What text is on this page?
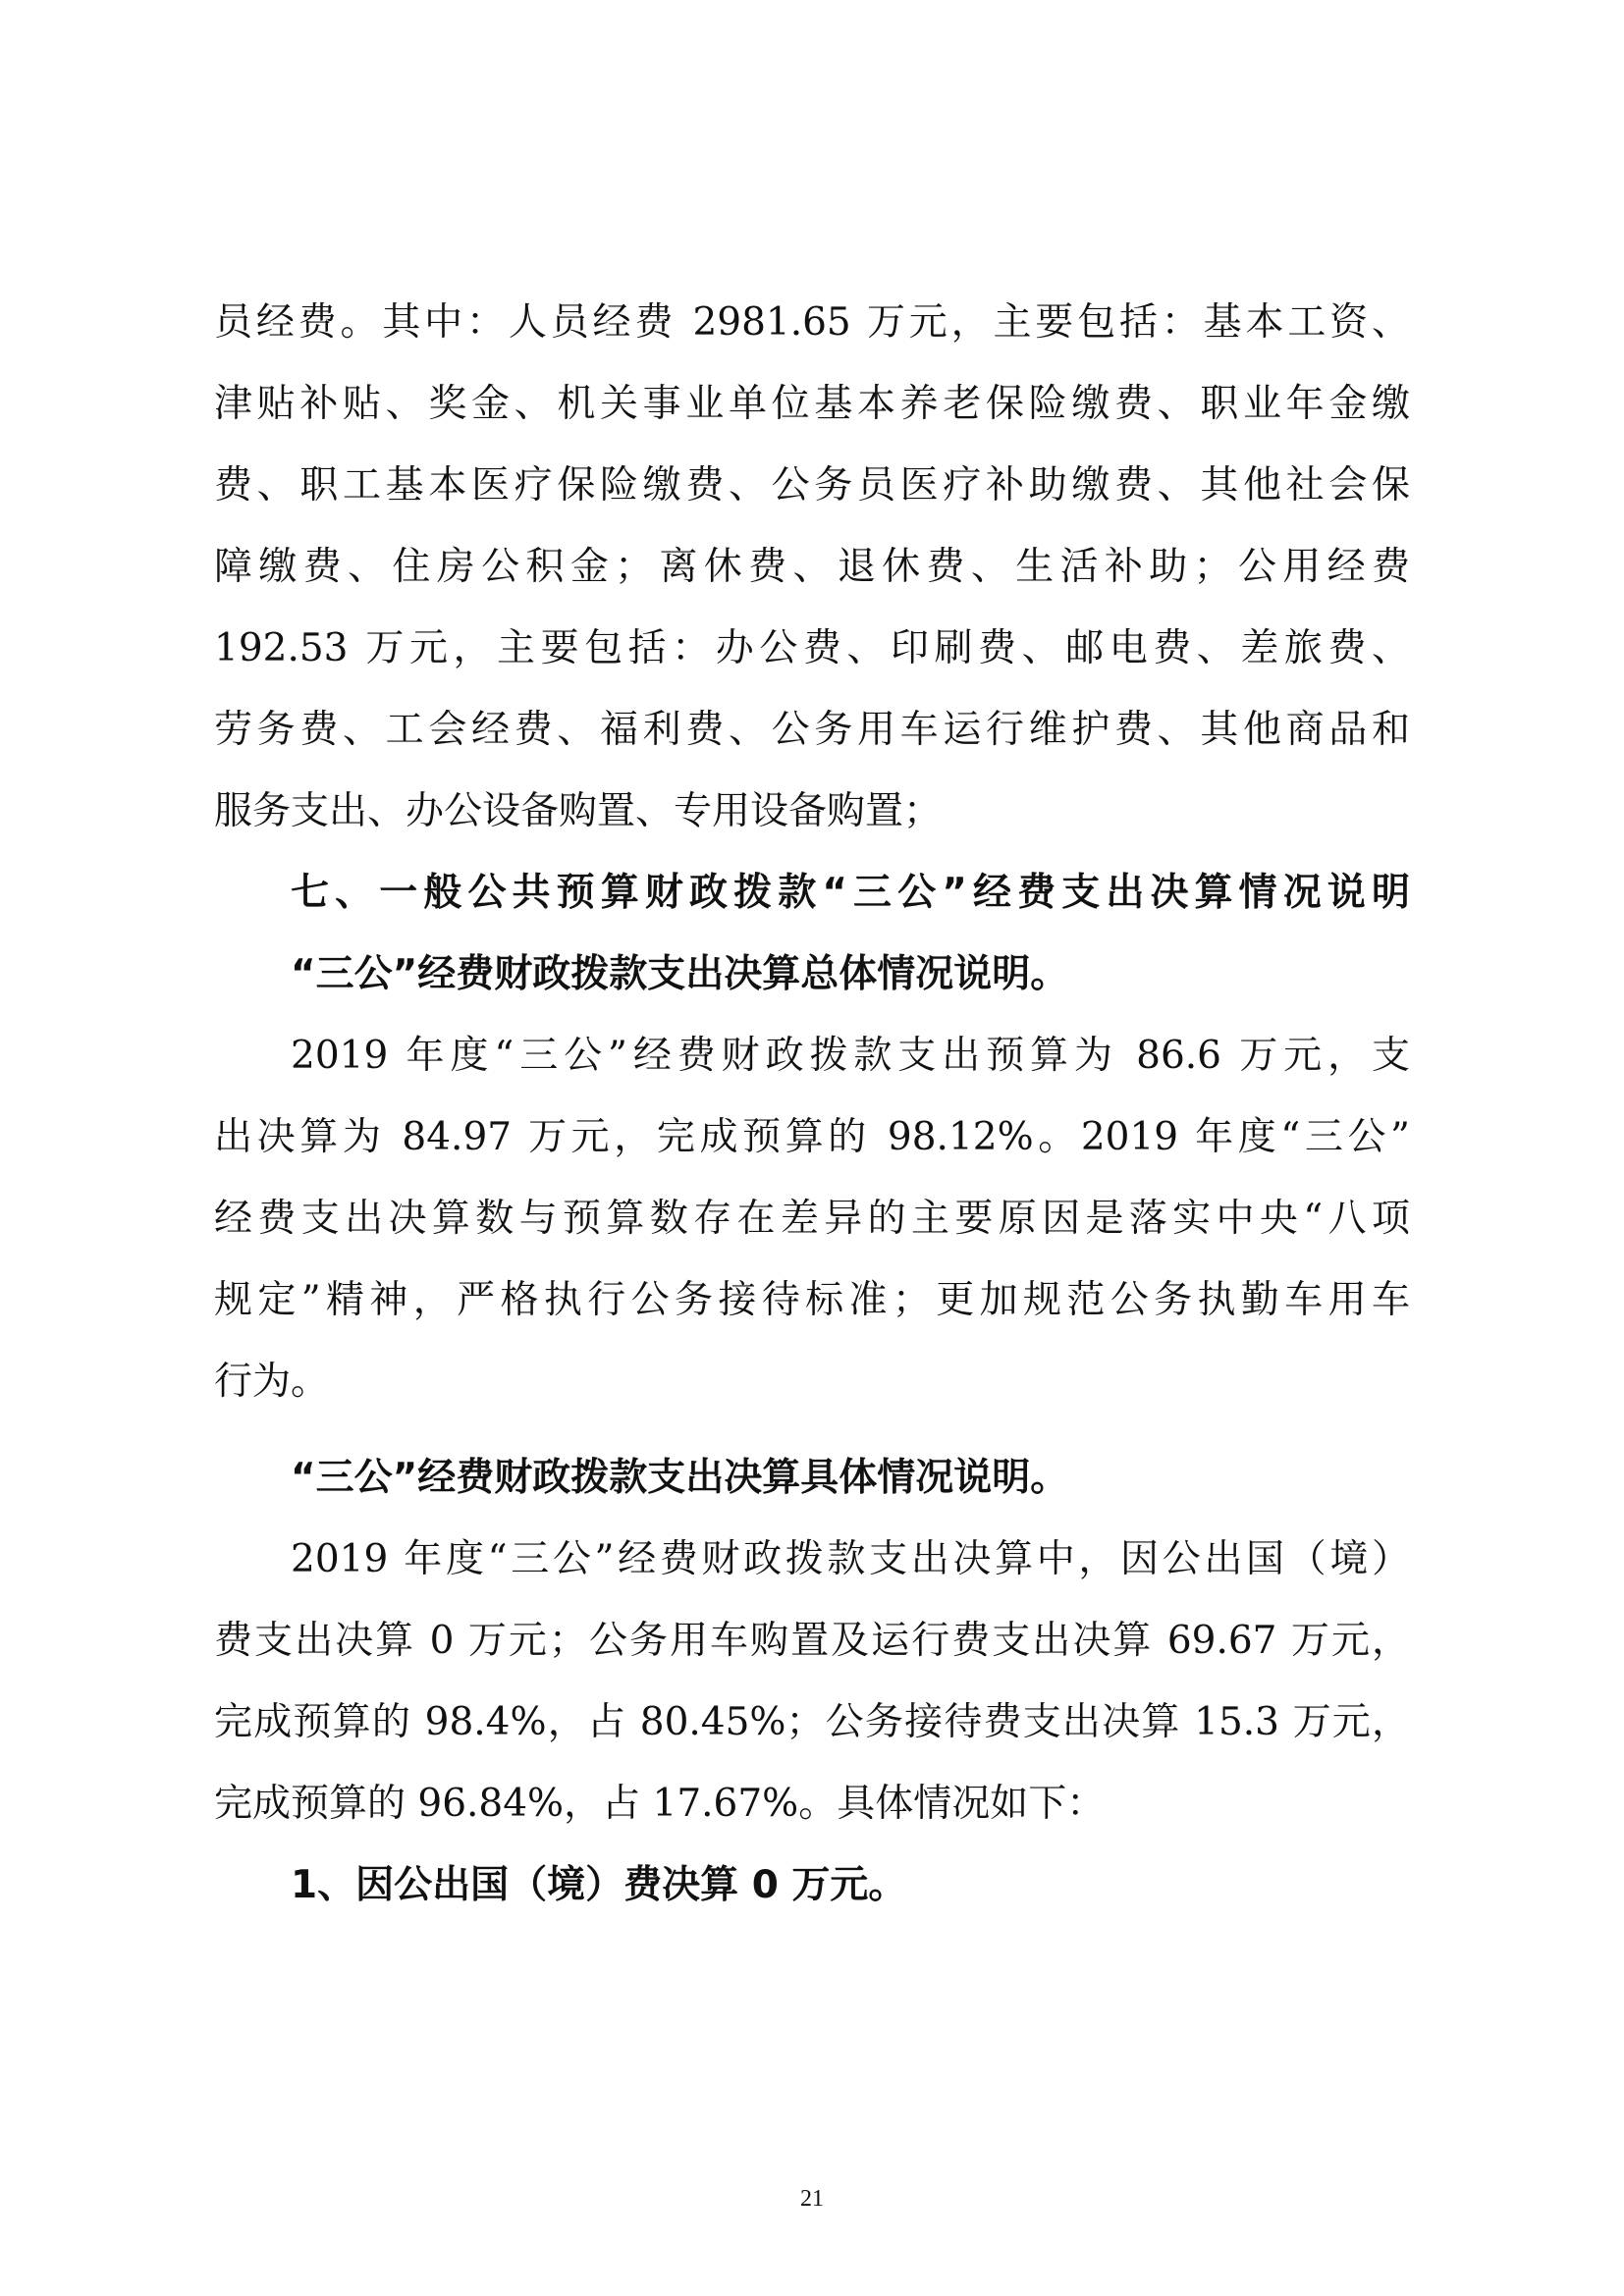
员经费。其中：人员经费 2981.65 万元，主要包括：基本工资、
津贴补贴、奖金、机关事业单位基本养老保险缴费、职业年金缴
费、职工基本医疗保险缴费、公务员医疗补助缴费、其他社会保
障缴费、住房公积金；离休费、退休费、生活补助；公用经费
192.53 万元，主要包括：办公费、印刷费、邮电费、差旅费、
劳务费、工会经费、福利费、公务用车运行维护费、其他商品和
服务支出、办公设备购置、专用设备购置；
七、一般公共预算财政拨款“三公”经费支出决算情况说明
“三公”经费财政拨款支出决算总体情况说明。
2019 年度“三公”经费财政拨款支出预算为 86.6 万元，支
出决算为 84.97 万元，完成预算的 98.12%。2019 年度“三公”
经费支出决算数与预算数存在差异的主要原因是落实中央“八项
规定”精神，严格执行公务接待标准；更加规范公务执勤车用车
行为。
“三公”经费财政拨款支出决算具体情况说明。
2019 年度“三公”经费财政拨款支出决算中，因公出国（境）
费支出决算 0 万元；公务用车购置及运行费支出决算 69.67 万元，
完成预算的 98.4%，占 80.45%；公务接待费支出决算 15.3 万元，
完成预算的 96.84%，占 17.67%。具体情况如下：
1、因公出国（境）费决算 0 万元。
21
